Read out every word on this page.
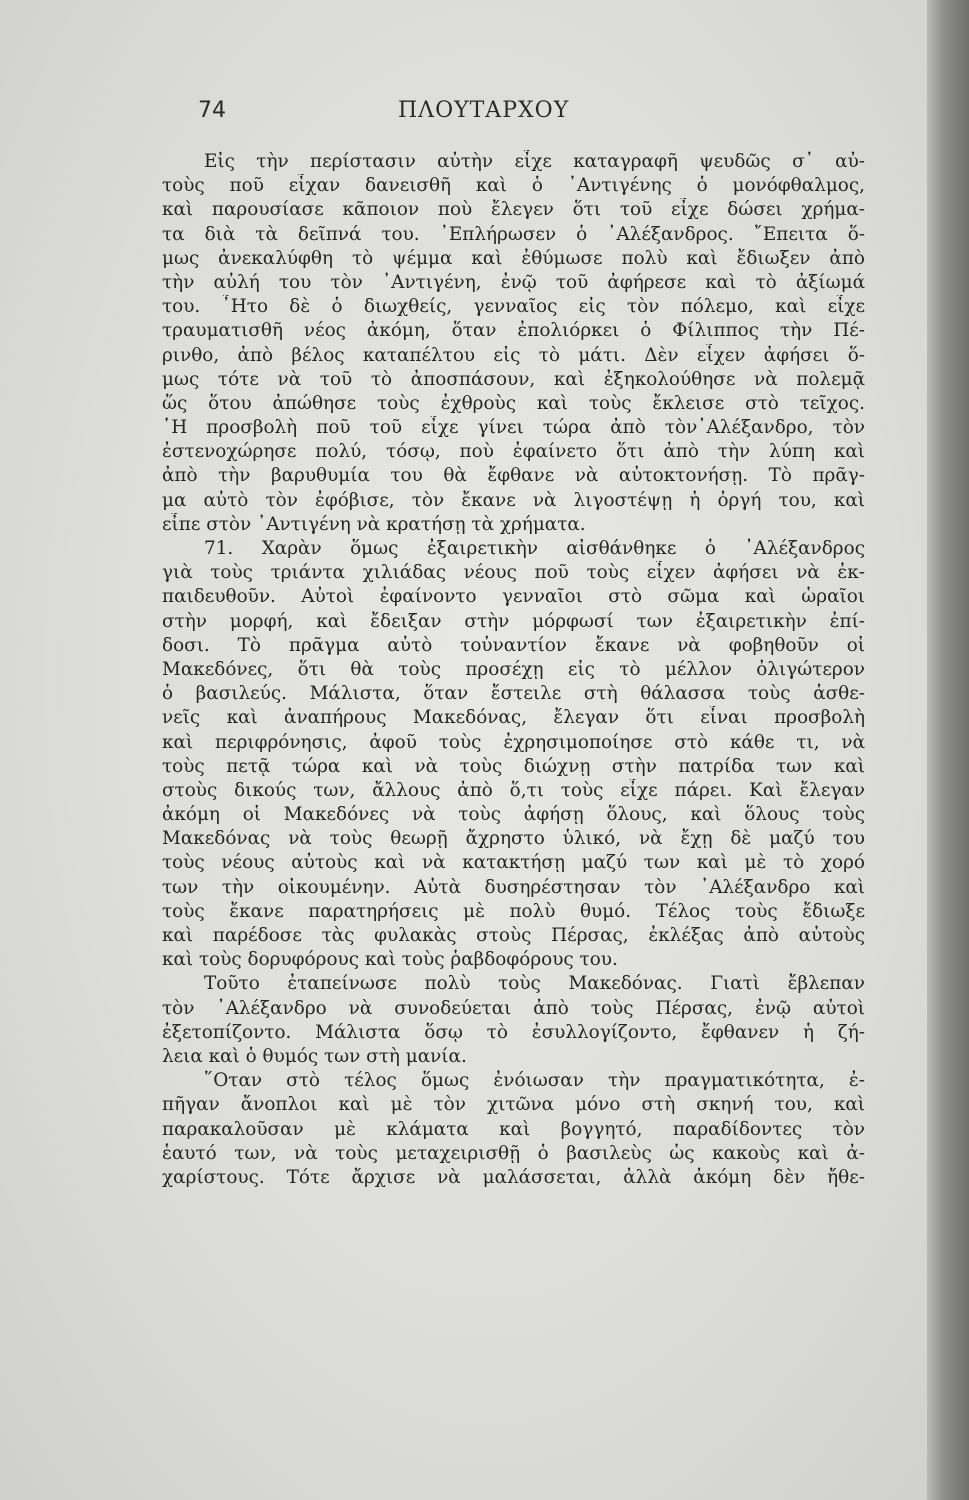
74	ΠΛΟΥΤΑΡΧΟΥ
Εἰς τὴν περίστασιν αὐτὴν εἶχε καταγραφῆ ψευδῶς σ᾽ αὐ-
τοὺς ποῦ εἶχαν δανεισθῆ καὶ ὁ ᾽Αντιγένης ὁ μονόφθαλμος,
καὶ παρουσίασε κᾶποιον ποὺ ἔλεγεν ὅτι τοῦ εἶχε δώσει χρήμα-
τα διὰ τὰ δεῖπνά του. ᾽Επλήρωσεν ὁ ᾽Αλέξανδρος. ῎Επειτα ὅ-
μως ἀνεκαλύφθη τὸ ψέμμα καὶ ἐθύμωσε πολὺ καὶ ἔδιωξεν ἀπὸ
τὴν αὐλή του τὸν ᾽Αντιγένη, ἐνῷ τοῦ ἀφήρεσε καὶ τὸ ἀξίωμά
του. ῏Ητο δὲ ὁ διωχθείς, γενναῖος εἰς τὸν πόλεμο, καὶ εἶχε
τραυματισθῆ νέος ἀκόμη, ὅταν ἐπολιόρκει ὁ Φίλιππος τὴν Πέ-
ρινθο, ἀπὸ βέλος καταπέλτου εἰς τὸ μάτι. Δὲν εἶχεν ἀφήσει ὅ-
μως τότε νὰ τοῦ τὸ ἀποσπάσουν, καὶ ἐξηκολούθησε νὰ πολεμᾷ
ὥς ὅτου ἀπώθησε τοὺς ἐχθροὺς καὶ τοὺς ἔκλεισε στὸ τεῖχος.
῾Η προσβολὴ ποῦ τοῦ εἶχε γίνει τώρα ἀπὸ τὸν᾽Αλέξανδρο, τὸν
ἐστενοχώρησε πολύ, τόσῳ, ποὺ ἐφαίνετο ὅτι ἀπὸ τὴν λύπη καὶ
ἀπὸ τὴν βαρυθυμία του θὰ ἔφθανε νὰ αὐτοκτονήσῃ. Τὸ πρᾶγ-
μα αὐτὸ τὸν ἐφόβισε, τὸν ἔκανε νὰ λιγοστέψῃ ἡ ὀργή του, καὶ
εἶπε στὸν ᾽Αντιγένη νὰ κρατήσῃ τὰ χρήματα.
71. Χαρὰν ὅμως ἐξαιρετικὴν αἰσθάνθηκε ὁ ᾽Αλέξανδρος
γιὰ τοὺς τριάντα χιλιάδας νέους ποῦ τοὺς εἶχεν ἀφήσει νὰ ἐκ-
παιδευθοῦν. Αὐτοὶ ἐφαίνοντο γενναῖοι στὸ σῶμα καὶ ὡραῖοι
στὴν μορφή, καὶ ἔδειξαν στὴν μόρφωσί των ἐξαιρετικὴν ἐπί-
δοσι. Τὸ πρᾶγμα αὐτὸ τοὐναντίον ἔκανε νὰ φοβηθοῦν οἱ
Μακεδόνες, ὅτι θὰ τοὺς προσέχῃ εἰς τὸ μέλλον ὀλιγώτερον
ὁ βασιλεύς. Μάλιστα, ὅταν ἔστειλε στὴ θάλασσα τοὺς ἀσθε-
νεῖς καὶ ἀναπήρους Μακεδόνας, ἔλεγαν ὅτι εἶναι προσβολὴ
καὶ περιφρόνησις, ἀφοῦ τοὺς ἐχρησιμοποίησε στὸ κάθε τι, νὰ
τοὺς πετᾷ τώρα καὶ νὰ τοὺς διώχνῃ στὴν πατρίδα των καὶ
στοὺς δικούς των, ἄλλους ἀπὸ ὅ,τι τοὺς εἶχε πάρει. Καὶ ἔλεγαν
ἀκόμη οἱ Μακεδόνες νὰ τοὺς ἀφήσῃ ὅλους, καὶ ὅλους τοὺς
Μακεδόνας νὰ τοὺς θεωρῇ ἄχρηστο ὑλικό, νὰ ἔχῃ δὲ μαζύ του
τοὺς νέους αὐτοὺς καὶ νὰ κατακτήσῃ μαζύ των καὶ μὲ τὸ χορό
των τὴν οἰκουμένην. Αὐτὰ δυσηρέστησαν τὸν ᾽Αλέξανδρο καὶ
τοὺς ἔκανε παρατηρήσεις μὲ πολὺ θυμό. Τέλος τοὺς ἔδιωξε
καὶ παρέδοσε τὰς φυλακὰς στοὺς Πέρσας, ἐκλέξας ἀπὸ αὐτοὺς
καὶ τοὺς δορυφόρους καὶ τοὺς ῥαβδοφόρους του.
Τοῦτο ἐταπείνωσε πολὺ τοὺς Μακεδόνας. Γιατὶ ἔβλεπαν
τὸν ᾽Αλέξανδρο νὰ συνοδεύεται ἀπὸ τοὺς Πέρσας, ἐνῷ αὐτοὶ
ἐξετοπίζοντο. Μάλιστα ὅσῳ τὸ ἐσυλλογίζοντο, ἔφθανεν ἡ ζή-
λεια καὶ ὁ θυμός των στὴ μανία.
῞Οταν στὸ τέλος ὅμως ἐνόιωσαν τὴν πραγματικότητα, ἐ-
πῆγαν ἄνοπλοι καὶ μὲ τὸν χιτῶνα μόνο στὴ σκηνή του, καὶ
παρακαλοῦσαν μὲ κλάματα καὶ βογγητό, παραδίδοντες τὸν
ἑαυτό των, νὰ τοὺς μεταχειρισθῇ ὁ βασιλεὺς ὡς κακοὺς καὶ ἀ-
χαρίστους. Τότε ἄρχισε νὰ μαλάσσεται, ἀλλὰ ἀκόμη δὲν ἤθε-
